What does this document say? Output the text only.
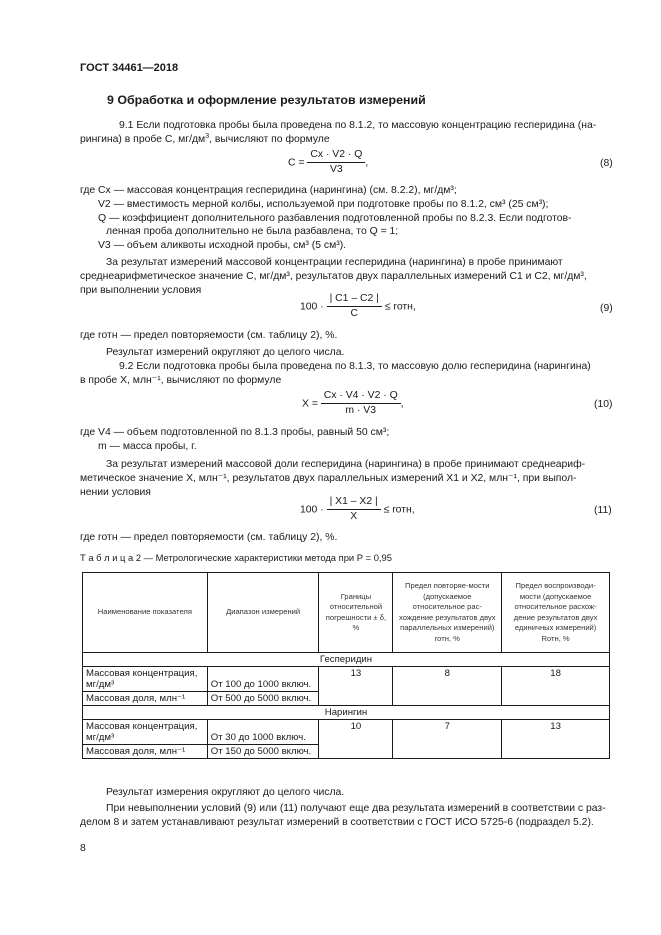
ГОСТ 34461—2018
9 Обработка и оформление результатов измерений
9.1 Если подготовка пробы была проведена по 8.1.2, то массовую концентрацию гесперидина (на-
рингина) в пробе С, $мг/дм^3$, вычисляют по формуле
$C = \frac{Cx \cdot V2 \cdot Q}{V3}$ ,	(8)
где Cx — массовая концентрация гесперидина (нарингина) (см. 8.2.2), мг/дм³;
V2 — вместимость мерной колбы, используемой при подготовке пробы по 8.1.2, см³ (25 см³);
Q — коэффициент дополнительного разбавления подготовленной пробы по 8.2.3. Если подготов-
ленная проба дополнительно не была разбавлена, то Q = 1;
V3 — объем аликвоты исходной пробы, см³ (5 см³).
За результат измерений массовой концентрации гесперидина (нарингина) в пробе принимают
среднеарифметическое значение C, мг/дм³, результатов двух параллельных измерений C1 и C2, мг/дм³,
при выполнении условия
$100 \cdot \frac{| C1 - C2 |}{C}$ ≤ rотн,	(9)
где rотн — предел повторяемости (см. таблицу 2), %.
Результат измерений округляют до целого числа.
9.2 Если подготовка пробы была проведена по 8.1.3, то массовую долю гесперидина (нарингина)
в пробе X, млн⁻¹, вычисляют по формуле
$X = \frac{Cx \cdot V4 \cdot V2 \cdot Q}{m \cdot V3}$ ,	(10)
где V4 — объем подготовленной по 8.1.3 пробы, равный 50 см³;
m — масса пробы, г.
За результат измерений массовой доли гесперидина (нарингина) в пробе принимают среднеариф-
метическое значение X, млн⁻¹, результатов двух параллельных измерений X1 и X2, млн⁻¹, при выпол-
нении условия
$100 \cdot \frac{| X1 - X2 |}{X}$ ≤ rотн,	(11)
где rотн — предел повторяемости (см. таблицу 2), %.
Т а б л и ц а 2 — Метрологические характеристики метода при Р = 0,95
Наименование показателя	Диапазон измерений	Границы относительной погрешности ± δ, %	Предел повторяе-мости (допускаемое относительное рас-хождение результатов двух параллельных измерений) rотн, %	Предел воспроизводи-мости (допускаемое относительное расхож-дение результатов двух единичных измерений) Rотн, %
Гесперидин				
Массовая концентрация, мг/дм³	От 100 до 1000 включ.	13	8	18
Массовая доля, млн⁻¹	От 500 до 5000 включ.			
Нарингин				
Массовая концентрация, мг/дм³	От 30 до 1000 включ.	10	7	13
Массовая доля, млн⁻¹	От 150 до 5000 включ.			
Результат измерения округляют до целого числа.
При невыполнении условий (9) или (11) получают еще два результата измерений в соответствии с раз-
делом 8 и затем устанавливают результат измерений в соответствии с ГОСТ ИСО 5725-6 (подраздел 5.2).
8
